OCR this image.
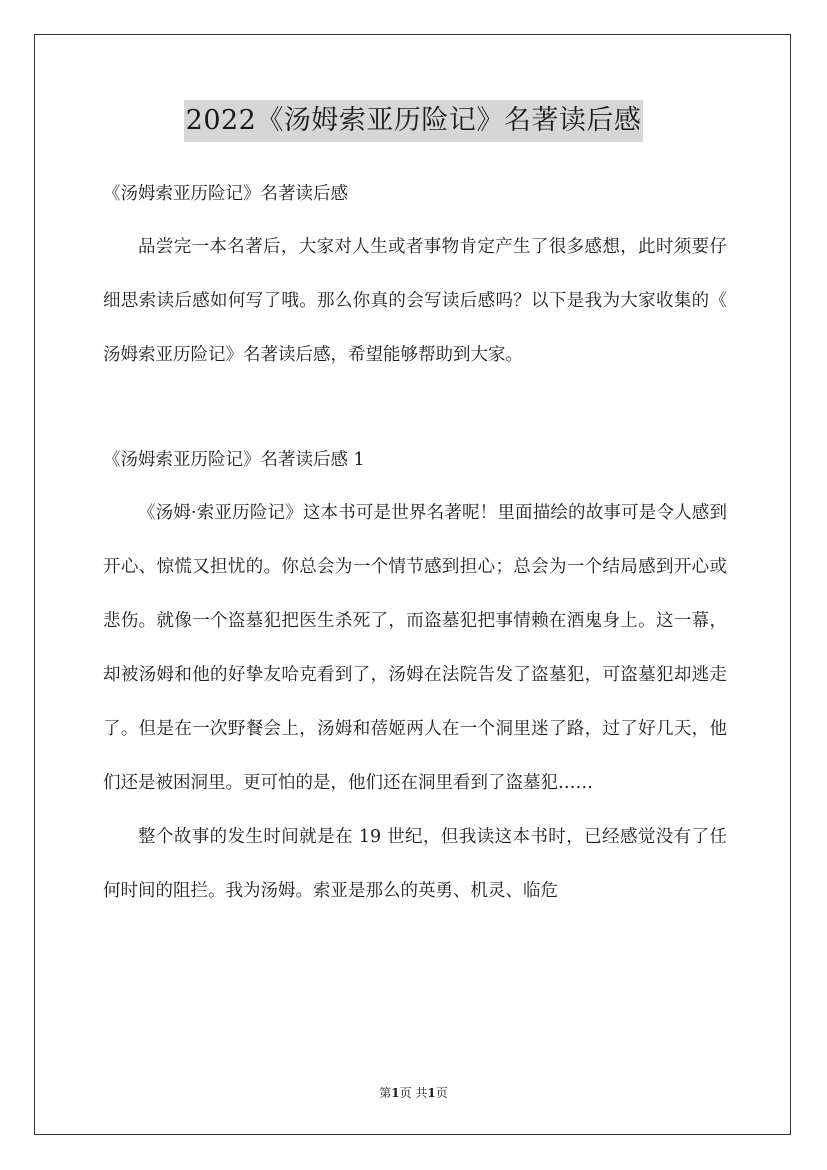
2022《汤姆索亚历险记》名著读后感

《汤姆索亚历险记》名著读后感

品尝完一本名著后，大家对人生或者事物肯定产生了很多感想，此时须要仔细思索读后感如何写了哦。那么你真的会写读后感吗？以下是我为大家收集的《汤姆索亚历险记》名著读后感，希望能够帮助到大家。

《汤姆索亚历险记》名著读后感 1

《汤姆·索亚历险记》这本书可是世界名著呢！里面描绘的故事可是令人感到开心、惊慌又担忧的。你总会为一个情节感到担心；总会为一个结局感到开心或悲伤。就像一个盗墓犯把医生杀死了，而盗墓犯把事情赖在酒鬼身上。这一幕，却被汤姆和他的好挚友哈克看到了，汤姆在法院告发了盗墓犯，可盗墓犯却逃走了。但是在一次野餐会上，汤姆和蓓姬两人在一个洞里迷了路，过了好几天，他们还是被困洞里。更可怕的是，他们还在洞里看到了盗墓犯……

整个故事的发生时间就是在 19 世纪，但我读这本书时，已经感觉没有了任何时间的阻拦。我为汤姆。索亚是那么的英勇、机灵、临危

第1页 共1页
